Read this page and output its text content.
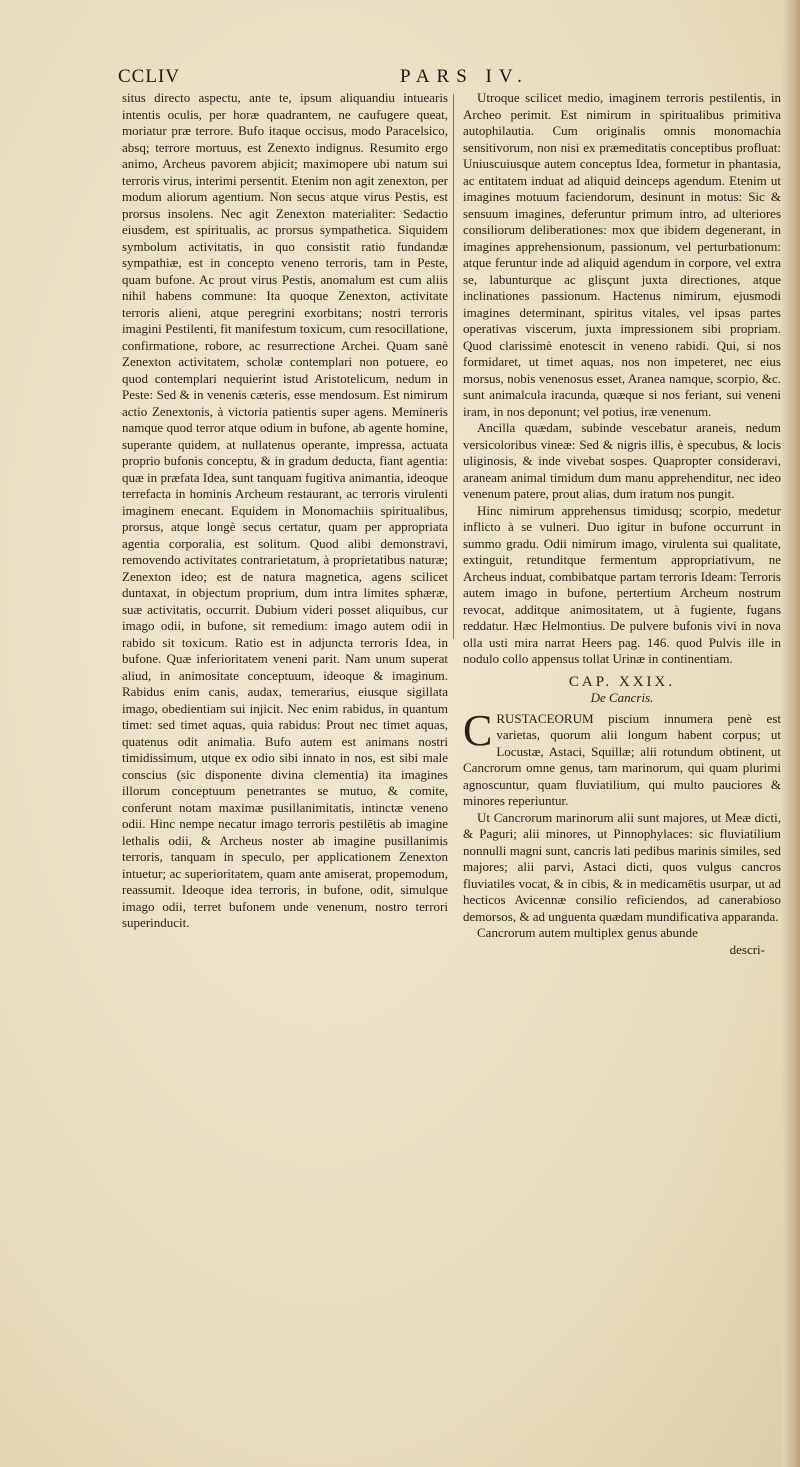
CCLIV	PARS IV.

situs directo aspectu, ante te, ipsum aliquandiu intuearis intentis oculis, per horæ quadrantem, ne caufugere queat, moriatur præ terrore. Bufo itaque occisus, modo Paracelsico, absq; terrore mortuus, est Zenexto indignus. Resumito ergo animo, Archeus pavorem abjicit; maximopere ubi natum sui terroris virus, interimi persentit. Etenim non agit zenexton, per modum aliorum agentium. Non secus atque virus Pestis, est prorsus insolens. Nec agit Zenexton materialiter: Sedactio eiusdem, est spiritualis, ac prorsus sympathetica. Siquidem symbolum activitatis, in quo consistit ratio fundandæ sympathiæ, est in concepto veneno terroris, tam in Peste, quam bufone. Ac prout virus Pestis, anomalum est cum aliis nihil habens commune: Ita quoque Zenexton, activitate terroris alieni, atque peregrini exorbitans; nostri terroris imagini Pestilenti, fit manifestum toxicum, cum resocillatione, confirmatione, robore, ac resurrectione Archei. Quam sanè Zenexton activitatem, scholæ contemplari non potuere, eo quod contemplari nequierint istud Aristotelicum, nedum in Peste: Sed & in venenis cæteris, esse mendosum. Est nimirum actio Zenextonis, à victoria patientis super agens. Memineris namque quod terror atque odium in bufone, ab agente homine, superante quidem, at nullatenus operante, impressa, actuata proprio bufonis conceptu, & in gradum deducta, fiant agentia: quæ in præfata Idea, sunt tanquam fugitiva animantia, ideoque terrefacta in hominis Archeum restaurant, ac terroris virulenti imaginem enecant. Equidem in Monomachiis spiritualibus, prorsus, atque longè secus certatur, quam per appropriata agentia corporalia, est solitum. Quod alibi demonstravi, removendo activitates contrarietatum, à proprietatibus naturæ; Zenexton ideo; est de natura magnetica, agens scilicet duntaxat, in objectum proprium, dum intra limites sphæræ, suæ activitatis, occurrit. Dubium videri posset aliquibus, cur imago odii, in bufone, sit remedium: imago autem odii in rabido sit toxicum. Ratio est in adjuncta terroris Idea, in bufone. Quæ inferioritatem veneni parit. Nam unum superat aliud, in animositate conceptuum, ideoque & imaginum. Rabidus enim canis, audax, temerarius, eiusque sigillata imago, obedientiam sui injicit. Nec enim rabidus, in quantum timet: sed timet aquas, quia rabidus: Prout nec timet aquas, quatenus odit animalia. Bufo autem est animans nostri timidissimum, utque ex odio sibi innato in nos, est sibi male conscius (sic disponente divina clementia) ita imagines illorum conceptuum penetrantes se mutuo, & comite, conferunt notam maximæ pusillanimitatis, intinctæ veneno odii. Hinc nempe necatur imago terroris pestilētis ab imagine lethalis odii, & Archeus noster ab imagine pusillanimis terroris, tanquam in speculo, per applicationem Zenexton intuetur; ac superioritatem, quam ante amiserat, propemodum, reassumit. Ideoque idea terroris, in bufone, odit, simulque imago odii, terret bufonem unde venenum, nostro terrori superinducit.

Utroque scilicet medio, imaginem terroris pestilentis, in Archeo perimit. Est nimirum in spiritualibus primitiva autophilautia. Cum originalis omnis monomachia sensitivorum, non nisi ex præmeditatis conceptibus profluat: Uniuscuiusque autem conceptus Idea, formetur in phantasia, ac entitatem induat ad aliquid deinceps agendum. Etenim ut imagines motuum faciendorum, desinunt in motus: Sic & sensuum imagines, deferuntur primum intro, ad ulteriores consiliorum deliberationes: mox que ibidem degenerant, in imagines apprehensionum, passionum, vel perturbationum: atque feruntur inde ad aliquid agendum in corpore, vel extra se, labunturque ac glisçunt juxta directiones, atque inclinationes passionum. Hactenus nimirum, ejusmodi imagines determinant, spiritus vitales, vel ipsas partes operativas viscerum, juxta impressionem sibi propriam. Quod clarissimè enotescit in veneno rabidi. Qui, si nos formidaret, ut timet aquas, nos non impeteret, nec eius morsus, nobis venenosus esset, Aranea namque, scorpio, &c. sunt animalcula iracunda, quæque si nos feriant, sui veneni iram, in nos deponunt; vel potius, iræ venenum.

Ancilla quædam, subinde vescebatur araneis, nedum versicoloribus vineæ: Sed & nigris illis, è specubus, & locis uliginosis, & inde vivebat sospes. Quapropter consideravi, araneam animal timidum dum manu apprehenditur, nec ideo venenum patere, prout alias, dum iratum nos pungit.

Hinc nimirum apprehensus timidusq; scorpio, medetur inflicto à se vulneri. Duo igitur in bufone occurrunt in summo gradu. Odii nimirum imago, virulenta sui qualitate, extinguit, retunditque fermentum appropriativum, ne Archeus induat, combibatque partam terroris Ideam: Terroris autem imago in bufone, pertertium Archeum nostrum revocat, additque animositatem, ut à fugiente, fugans reddatur. Hæc Helmontius. De pulvere bufonis vivi in nova olla usti mira narrat Heers pag. 146. quod Pulvis ille in nodulo collo appensus tollat Urinæ in continentiam.

CAP. XXIX.
De Cancris.

CRUSTACEORUM piscium innumera penè est varietas, quorum alii longum habent corpus; ut Locustæ, Astaci, Squillæ; alii rotundum obtinent, ut Cancrorum omne genus, tam marinorum, qui quam plurimi agnoscuntur, quam fluviatilium, qui multo pauciores & minores reperiuntur.

Ut Cancrorum marinorum alii sunt majores, ut Meæ dicti, & Paguri; alii minores, ut Pinnophylaces: sic fluviatilium nonnulli magni sunt, cancris lati pedibus marinis similes, sed majores; alii parvi, Astaci dicti, quos vulgus cancros fluviatiles vocat, & in cibis, & in medicamētis usurpar, ut ad hecticos Avicennæ consilio reficiendos, ad canerabioso demorsos, & ad unguenta quædam mundificativa apparanda.

Cancrorum autem multiplex genus abunde

descri-
